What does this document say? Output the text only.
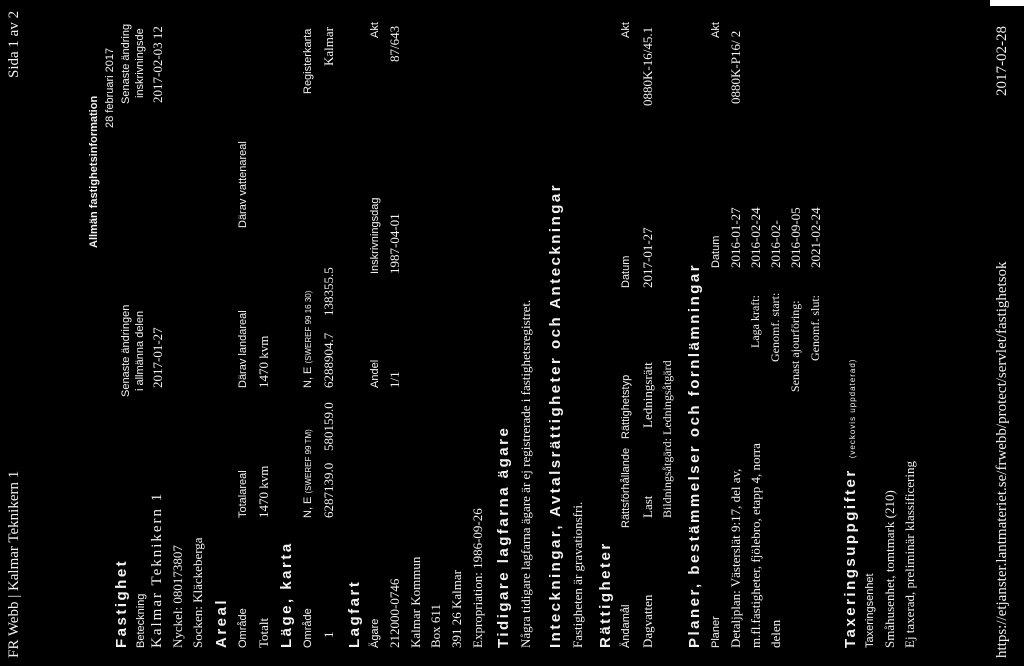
FR Webb | Kalmar Teknikern 1
Sida 1 av 2
Allmän fastighetsinformation
28 februari 2017
Fastighet Beteckning
Senaste ändringen i allmänna delen
Senaste ändring inskrivningsde
Kalmar Teknikern 1
2017-01-27
2017-02-03 12
Nyckel: 080173807 Socken: Kläckeberga Areal Område
Totalareal
Därav landareal
Därav vattenareal
Totalt
1470 kvm
1470 kvm
Läge, karta Område
N, E (SWEREF 99 TM)
N, E (SWEREF 99 16 30)
Registerkarta
1
6287139.0
580159.0
6288904.7
138355.5
Kalmar
Lagfart Ägare
Andel
Inskrivningsdag
Akt
212000-0746
1/1
1987-04-01
87/643
Kalmar Kommun Box 611 391 26 Kalmar Expropriation: 1986-09-26 Tidigare lagfarna ägare Några tidigare lagfarna ägare är ej registrerade i fastighetsregistret. Inteckningar, Avtalsrättigheter och Anteckningar Fastigheten är gravationsfri. Rättigheter Ändamål
Rättsförhållande
Rättighetstyp
Datum
Akt
Dagvatten
Last
Ledningsrätt
2017-01-27
0880K-16/45.1
Bildningsåtgärd: Ledningsåtgärd Planer, bestämmelser och fornlämningar Planer
Datum
Akt
Detaljplan: Västerslät 9:17, del av, m.fl.fastigheter, fjölebro, etapp 4, norra delen
2016-01-27
0880K-P16/ 2
Laga kraft:
2016-02-24
Genomf. start:
2016-02-
Senast ajourföring:
2016-09-05
Genomf. slut:
2021-02-24
Taxeringsuppgifter (veckovis uppdaterad)
Taxeringsenhet Småhusenhet, tomtmark (210) Ej taxerad, preliminär klassificering	https://etjanster.lantmateriet.se/frwebb/protect/servlet/fastighetsok
2017-02-28
